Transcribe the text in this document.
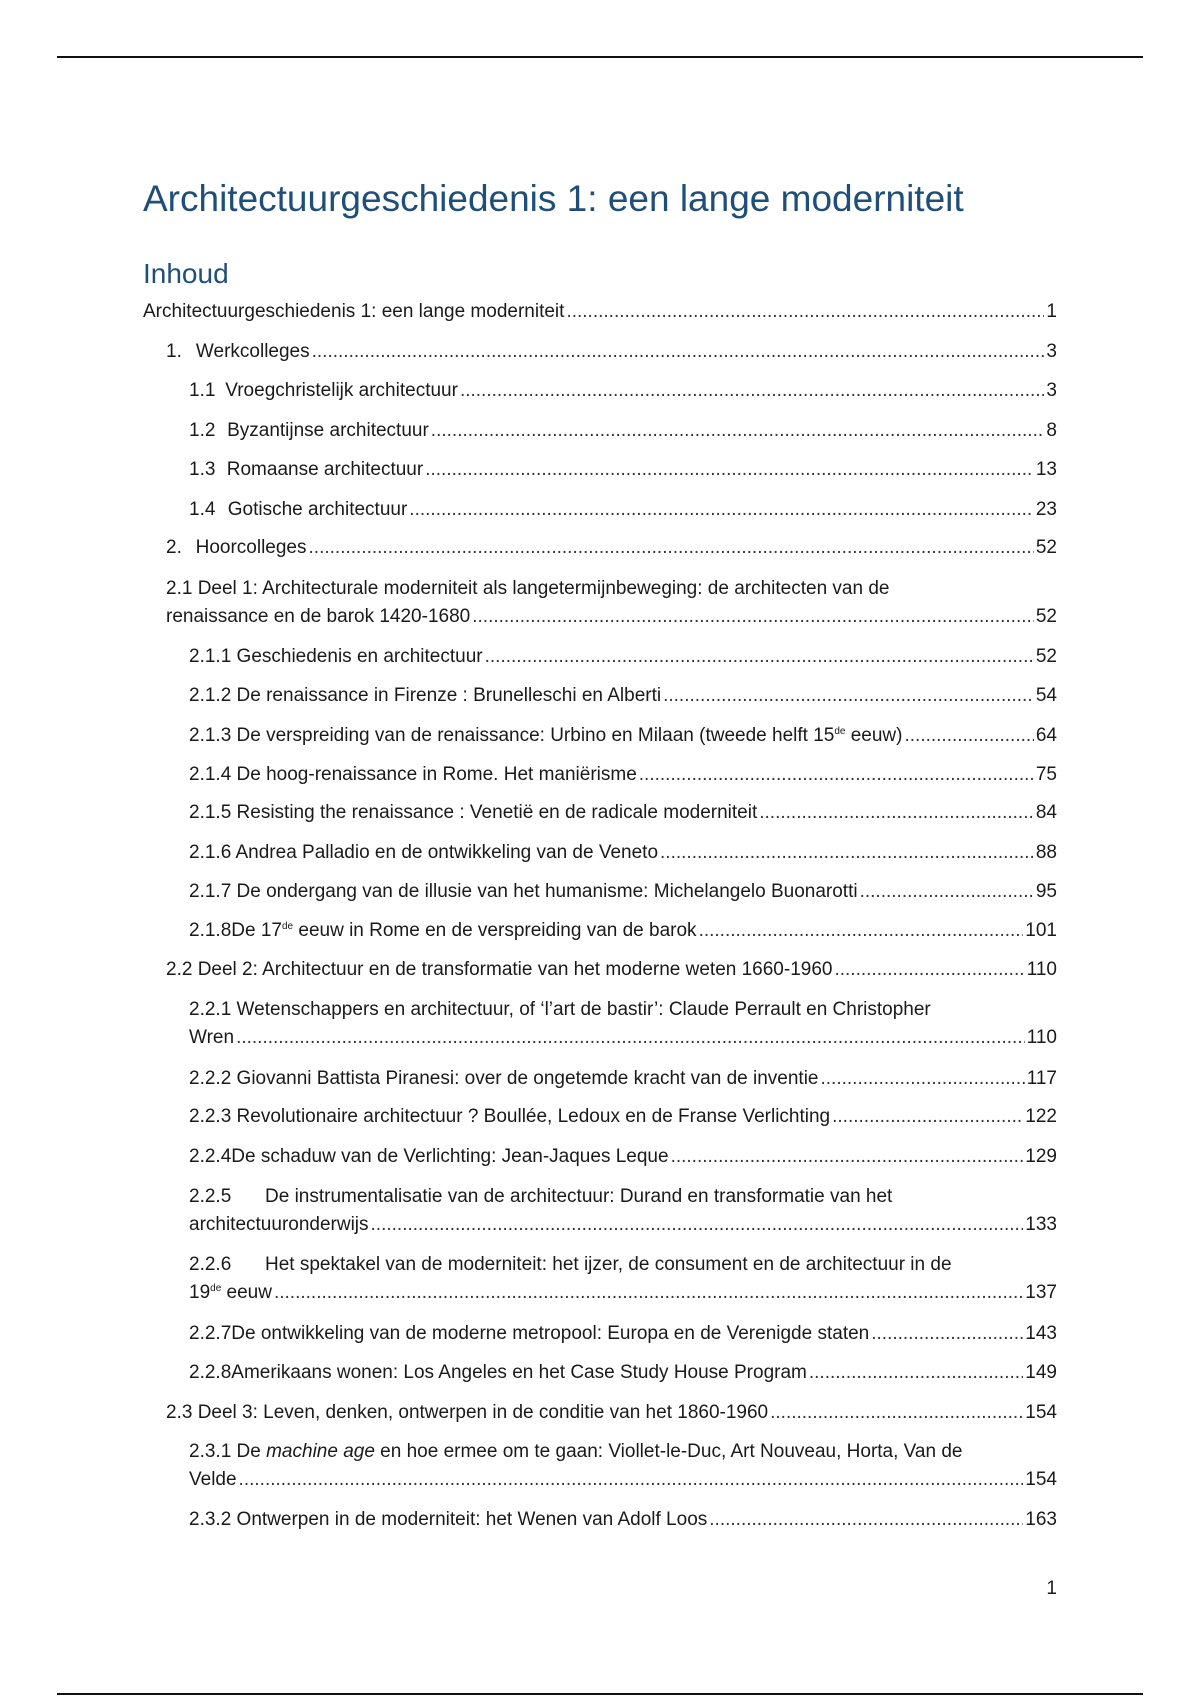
Architectuurgeschiedenis 1: een lange moderniteit
Inhoud
Architectuurgeschiedenis 1: een lange moderniteit .....	1
1. Werkcolleges .....	3
1.1 Vroegchristelijk architectuur .....	3
1.2 Byzantijnse architectuur .....	8
1.3 Romaanse architectuur .....	13
1.4 Gotische architectuur .....	23
2. Hoorcolleges .....	52
2.1 Deel 1: Architecturale moderniteit als langetermijnbeweging: de architecten van de
renaissance en de barok 1420-1680 .....	52
2.1.1 Geschiedenis en architectuur .....	52
2.1.2 De renaissance in Firenze : Brunelleschi en Alberti .....	54
2.1.3 De verspreiding van de renaissance: Urbino en Milaan (tweede helft 15de eeuw) .....	64
2.1.4 De hoog-renaissance in Rome. Het maniërisme .....	75
2.1.5 Resisting the renaissance : Venetië en de radicale moderniteit .....	84
2.1.6 Andrea Palladio en de ontwikkeling van de Veneto .....	88
2.1.7 De ondergang van de illusie van het humanisme: Michelangelo Buonarotti .....	95
2.1.8 De 17de eeuw in Rome en de verspreiding van de barok .....	101
2.2 Deel 2: Architectuur en de transformatie van het moderne weten 1660-1960 .....	110
2.2.1 Wetenschappers en architectuur, of ‘l’art de bastir’: Claude Perrault en Christopher
Wren .....	110
2.2.2 Giovanni Battista Piranesi: over de ongetemde kracht van de inventie .....	117
2.2.3 Revolutionaire architectuur ? Boullée, Ledoux en de Franse Verlichting .....	122
2.2.4 De schaduw van de Verlichting: Jean-Jaques Leque .....	129
2.2.5 De instrumentalisatie van de architectuur: Durand en transformatie van het
architectuuronderwijs .....	133
2.2.6 Het spektakel van de moderniteit: het ijzer, de consument en de architectuur in de
19de eeuw .....	137
2.2.7 De ontwikkeling van de moderne metropool: Europa en de Verenigde staten .....	143
2.2.8 Amerikaans wonen: Los Angeles en het Case Study House Program .....	149
2.3 Deel 3: Leven, denken, ontwerpen in de conditie van het 1860-1960 .....	154
2.3.1 De machine age en hoe ermee om te gaan: Viollet-le-Duc, Art Nouveau, Horta, Van de
Velde .....	154
2.3.2 Ontwerpen in de moderniteit: het Wenen van Adolf Loos .....	163
1
